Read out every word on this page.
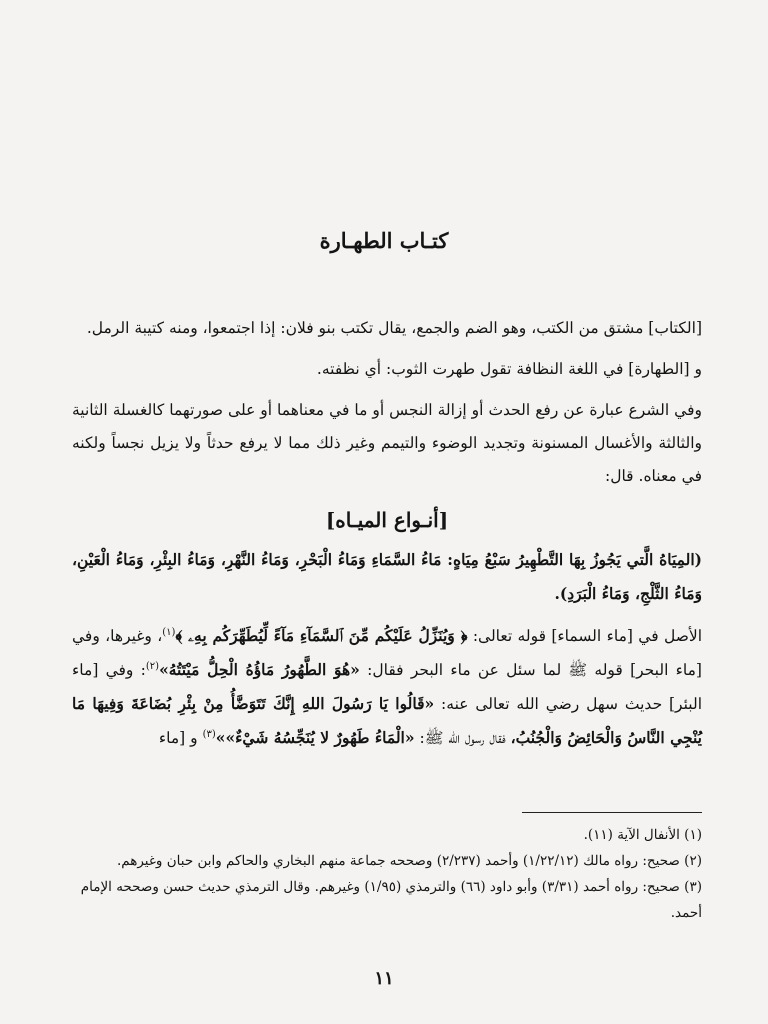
كتـاب الطهـارة

[الكتاب] مشتق من الكتب، وهو الضم والجمع، يقال تكتب بنو فلان: إذا اجتمعوا، ومنه كتيبة الرمل.

و [الطهارة] في اللغة النظافة تقول طهرت الثوب: أي نظفته.

وفي الشرع عبارة عن رفع الحدث أو إزالة النجس أو ما في معناهما أو على صورتهما كالغسلة الثانية والثالثة والأغسال المسنونة وتجديد الوضوء والتيمم وغير ذلك مما لا يرفع حدثاً ولا يزيل نجساً ولكنه في معناه. قال:

[أنـواع الميـاه]

(المِيَاهُ الَّتي يَجُوزُ بِهَا التَّطْهِيرُ سَبْعُ مِيَاهٍ: مَاءُ السَّمَاءِ وَمَاءُ الْبَحْرِ، وَمَاءُ النَّهْرِ، وَمَاءُ البِئْرِ، وَمَاءُ الْعَيْنِ، وَمَاءُ الثَّلْجِ، وَمَاءُ الْبَرَدِ).

الأصل في [ماء السماء] قوله تعالى: ﴿ وَيُنَزِّلُ عَلَيْكُم مِّنَ ٱلسَّمَآءِ مَآءً لِّيُطَهِّرَكُم بِهِۦ ﴾$^{(١)}$، وغيرها، وفي [ماء البحر] قوله ﷺ لما سئل عن ماء البحر فقال: «هُوَ الطَّهُورُ مَاؤُهُ الْحِلُّ مَيْتَتُهُ»$^{(٢)}$: وفي [ماء البئر] حديث سهل رضي الله تعالى عنه: «قَالُوا يَا رَسُولَ اللهِ إِنَّكَ تَتَوَضَّأُ مِنْ بِئْرِ بُضَاعَةَ وَفِيهَا مَا يُنْجِي النَّاسُ وَالْحَائِضُ وَالْجُنُبُ، فقال رسول الله ﷺ: «الْمَاءُ طَهُورٌ لا يُنَجِّسُهُ شَيْءٌ»»$^{(٣)}$ و [ماء

(١) الأنفال الآية (١١).

(٢) صحيح: رواه مالك (١/٢٢/١٢) وأحمد (٢/٢٣٧) وصححه جماعة منهم البخاري والحاكم وابن حبان وغيرهم.

(٣) صحيح: رواه أحمد (٣/٣١) وأبو داود (٦٦) والترمذي (١/٩٥) وغيرهم. وقال الترمذي حديث حسن وصححه الإمام أحمد.

١١
